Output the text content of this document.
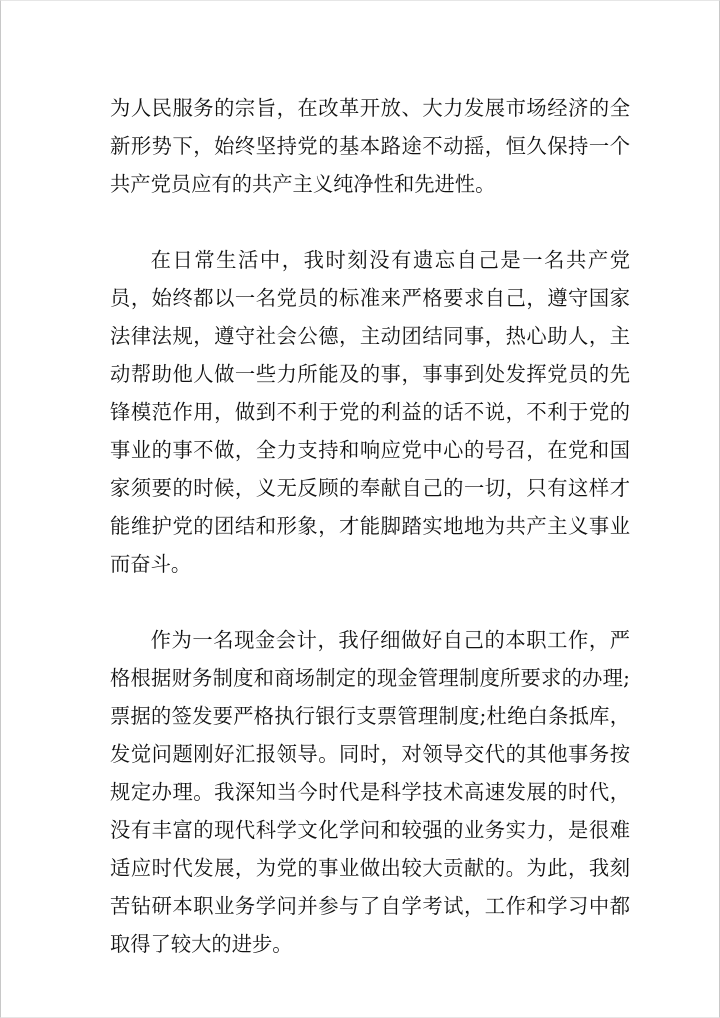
为人民服务的宗旨，在改革开放、大力发展市场经济的全新形势下，始终坚持党的基本路途不动摇，恒久保持一个共产党员应有的共产主义纯净性和先进性。

在日常生活中，我时刻没有遗忘自己是一名共产党员，始终都以一名党员的标准来严格要求自己，遵守国家法律法规，遵守社会公德，主动团结同事，热心助人，主动帮助他人做一些力所能及的事，事事到处发挥党员的先锋模范作用，做到不利于党的利益的话不说，不利于党的事业的事不做，全力支持和响应党中心的号召，在党和国家须要的时候，义无反顾的奉献自己的一切，只有这样才能维护党的团结和形象，才能脚踏实地地为共产主义事业而奋斗。

作为一名现金会计，我仔细做好自己的本职工作，严格根据财务制度和商场制定的现金管理制度所要求的办理;票据的签发要严格执行银行支票管理制度;杜绝白条抵库，发觉问题刚好汇报领导。同时，对领导交代的其他事务按规定办理。我深知当今时代是科学技术高速发展的时代，没有丰富的现代科学文化学问和较强的业务实力，是很难适应时代发展，为党的事业做出较大贡献的。为此，我刻苦钻研本职业务学问并参与了自学考试，工作和学习中都取得了较大的进步。
